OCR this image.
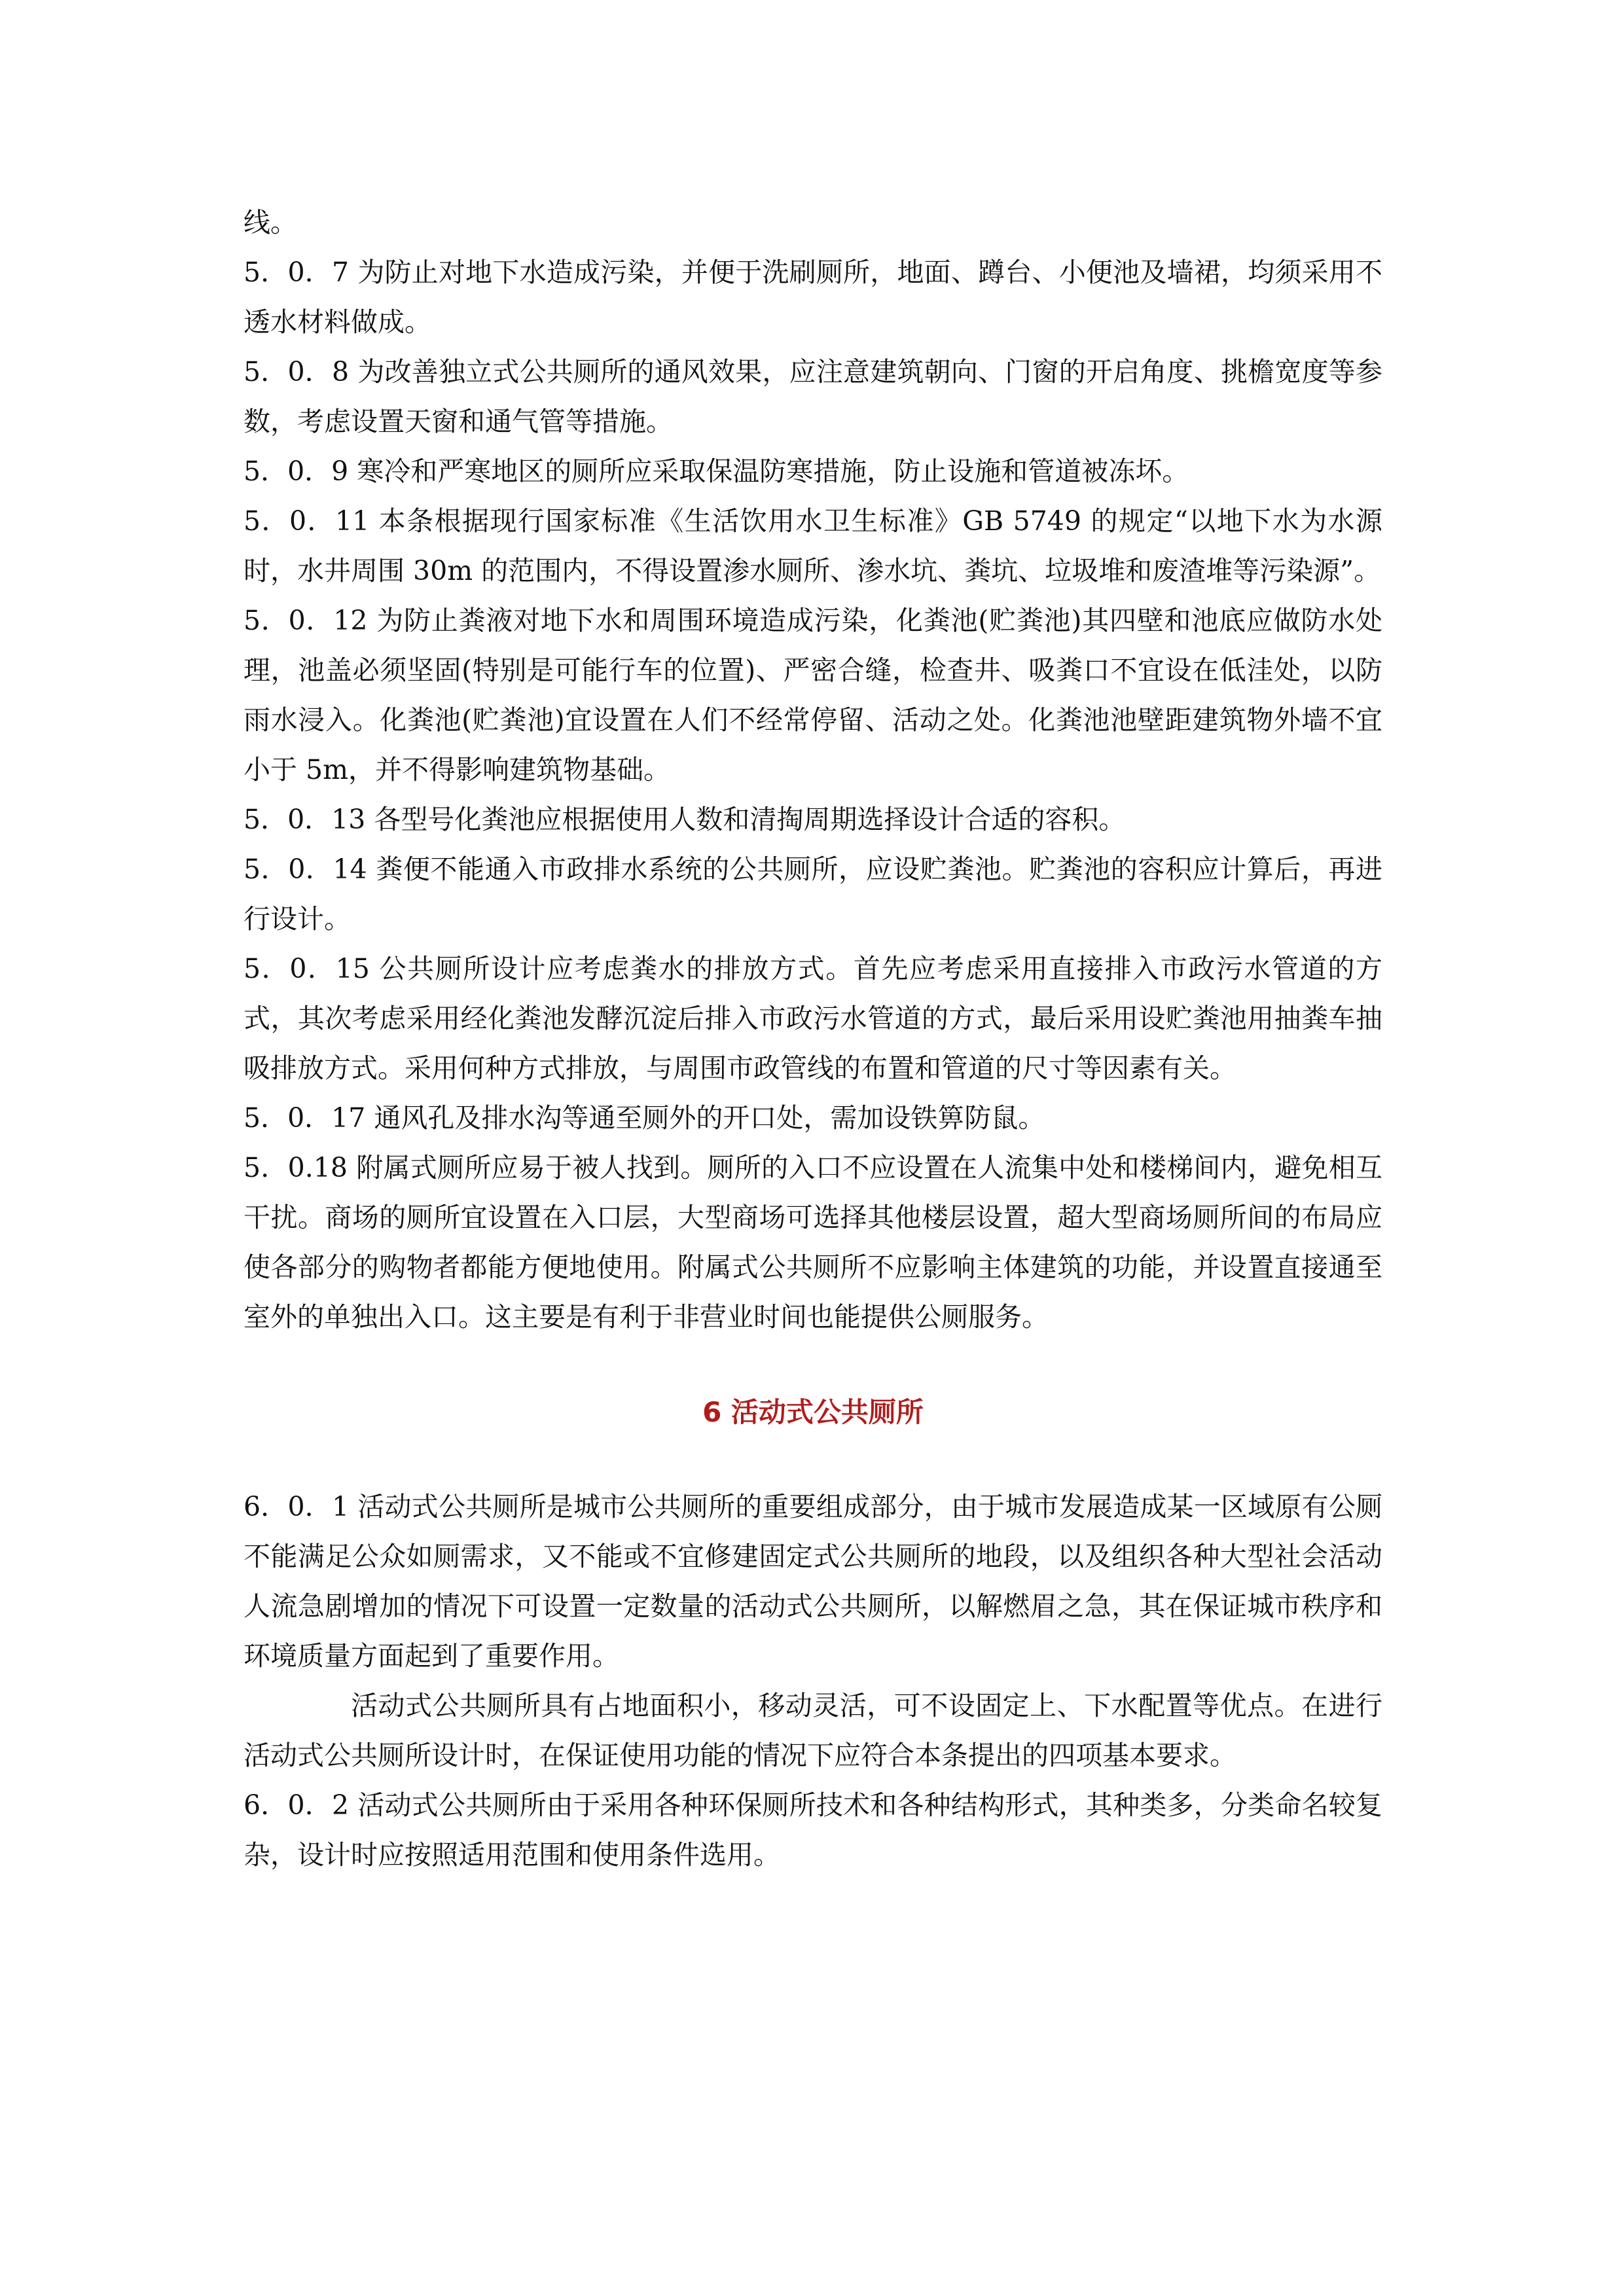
线。

5．0．7 为防止对地下水造成污染，并便于洗刷厕所，地面、蹲台、小便池及墙裙，均须采用不透水材料做成。

5．0．8 为改善独立式公共厕所的通风效果，应注意建筑朝向、门窗的开启角度、挑檐宽度等参数，考虑设置天窗和通气管等措施。

5．0．9 寒冷和严寒地区的厕所应采取保温防寒措施，防止设施和管道被冻坏。

5．0．11 本条根据现行国家标准《生活饮用水卫生标准》GB 5749 的规定“以地下水为水源时，水井周围 30m 的范围内，不得设置渗水厕所、渗水坑、粪坑、垃圾堆和废渣堆等污染源”。

5．0．12 为防止粪液对地下水和周围环境造成污染，化粪池(贮粪池)其四壁和池底应做防水处理，池盖必须坚固(特别是可能行车的位置)、严密合缝，检查井、吸粪口不宜设在低洼处，以防雨水浸入。化粪池(贮粪池)宜设置在人们不经常停留、活动之处。化粪池池壁距建筑物外墙不宜小于 5m，并不得影响建筑物基础。

5．0．13 各型号化粪池应根据使用人数和清掏周期选择设计合适的容积。

5．0．14 粪便不能通入市政排水系统的公共厕所，应设贮粪池。贮粪池的容积应计算后，再进行设计。

5．0．15 公共厕所设计应考虑粪水的排放方式。首先应考虑采用直接排入市政污水管道的方式，其次考虑采用经化粪池发酵沉淀后排入市政污水管道的方式，最后采用设贮粪池用抽粪车抽吸排放方式。采用何种方式排放，与周围市政管线的布置和管道的尺寸等因素有关。

5．0．17 通风孔及排水沟等通至厕外的开口处，需加设铁箅防鼠。

5．0.18 附属式厕所应易于被人找到。厕所的入口不应设置在人流集中处和楼梯间内，避免相互干扰。商场的厕所宜设置在入口层，大型商场可选择其他楼层设置，超大型商场厕所间的布局应使各部分的购物者都能方便地使用。附属式公共厕所不应影响主体建筑的功能，并设置直接通至室外的单独出入口。这主要是有利于非营业时间也能提供公厕服务。

6 活动式公共厕所

6．0．1 活动式公共厕所是城市公共厕所的重要组成部分，由于城市发展造成某一区域原有公厕不能满足公众如厕需求，又不能或不宜修建固定式公共厕所的地段，以及组织各种大型社会活动人流急剧增加的情况下可设置一定数量的活动式公共厕所，以解燃眉之急，其在保证城市秩序和环境质量方面起到了重要作用。

活动式公共厕所具有占地面积小，移动灵活，可不设固定上、下水配置等优点。在进行活动式公共厕所设计时，在保证使用功能的情况下应符合本条提出的四项基本要求。

6．0．2 活动式公共厕所由于采用各种环保厕所技术和各种结构形式，其种类多，分类命名较复杂，设计时应按照适用范围和使用条件选用。
